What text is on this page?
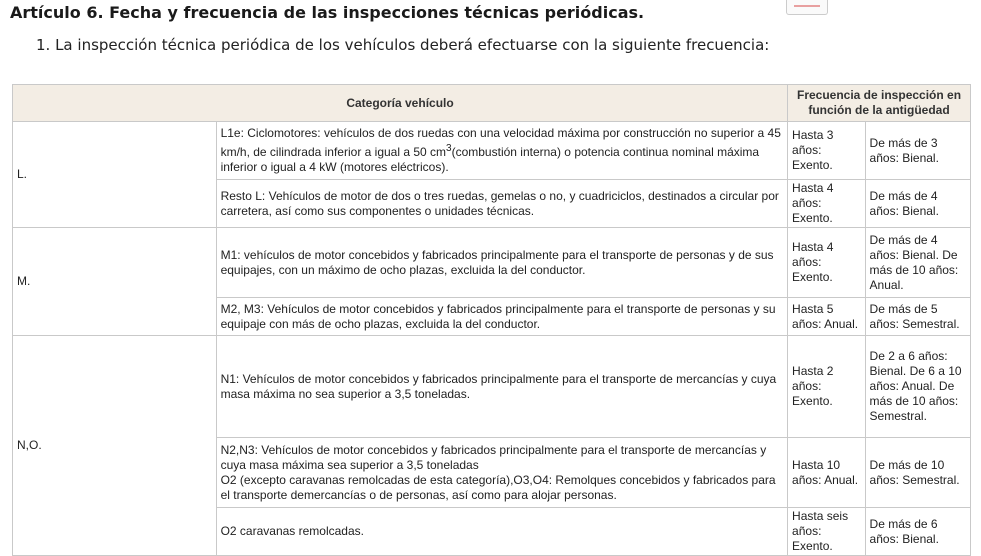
Artículo 6. Fecha y frecuencia de las inspecciones técnicas periódicas.
1. La inspección técnica periódica de los vehículos deberá efectuarse con la siguiente frecuencia:
Categoría vehículo		Frecuencia de inspección en función de la antigüedad	
L.	L1e: Ciclomotores: vehículos de dos ruedas con una velocidad máxima por construcción no superior a 45 km/h, de cilindrada inferior a igual a 50 $cm^3(combustión$ interna) o potencia continua nominal máxima inferior o igual a 4 kW (motores eléctricos).	Hasta 3 años: Exento.	De más de 3 años: Bienal.
	Resto L: Vehículos de motor de dos o tres ruedas, gemelas o no, y cuadriciclos, destinados a circular por carretera, así como sus componentes o unidades técnicas.	Hasta 4 años: Exento.	De más de 4 años: Bienal.
M.	M1: vehículos de motor concebidos y fabricados principalmente para el transporte de personas y de sus equipajes, con un máximo de ocho plazas, excluida la del conductor.	Hasta 4 años: Exento.	De más de 4 años: Bienal. De más de 10 años: Anual.
	M2, M3: Vehículos de motor concebidos y fabricados principalmente para el transporte de personas y su equipaje con más de ocho plazas, excluida la del conductor.	Hasta 5 años: Anual.	De más de 5 años: Semestral.
N,O.	N1: Vehículos de motor concebidos y fabricados principalmente para el transporte de mercancías y cuya masa máxima no sea superior a 3,5 toneladas.	Hasta 2 años: Exento.	De 2 a 6 años: Bienal. De 6 a 10 años: Anual. De más de 10 años: Semestral.

	N2,N3: Vehículos de motor concebidos y fabricados principalmente para el transporte de mercancías y cuya masa máxima sea superior a 3,5 toneladas
O2 (excepto caravanas remolcadas de esta categoría),O3,O4: Remolques concebidos y fabricados para el transporte demercancías o de personas, así como para alojar personas.	Hasta 10 años: Anual.	De más de 10 años: Semestral.
	O2 caravanas remolcadas.	Hasta seis años: Exento.	De más de 6 años: Bienal.
